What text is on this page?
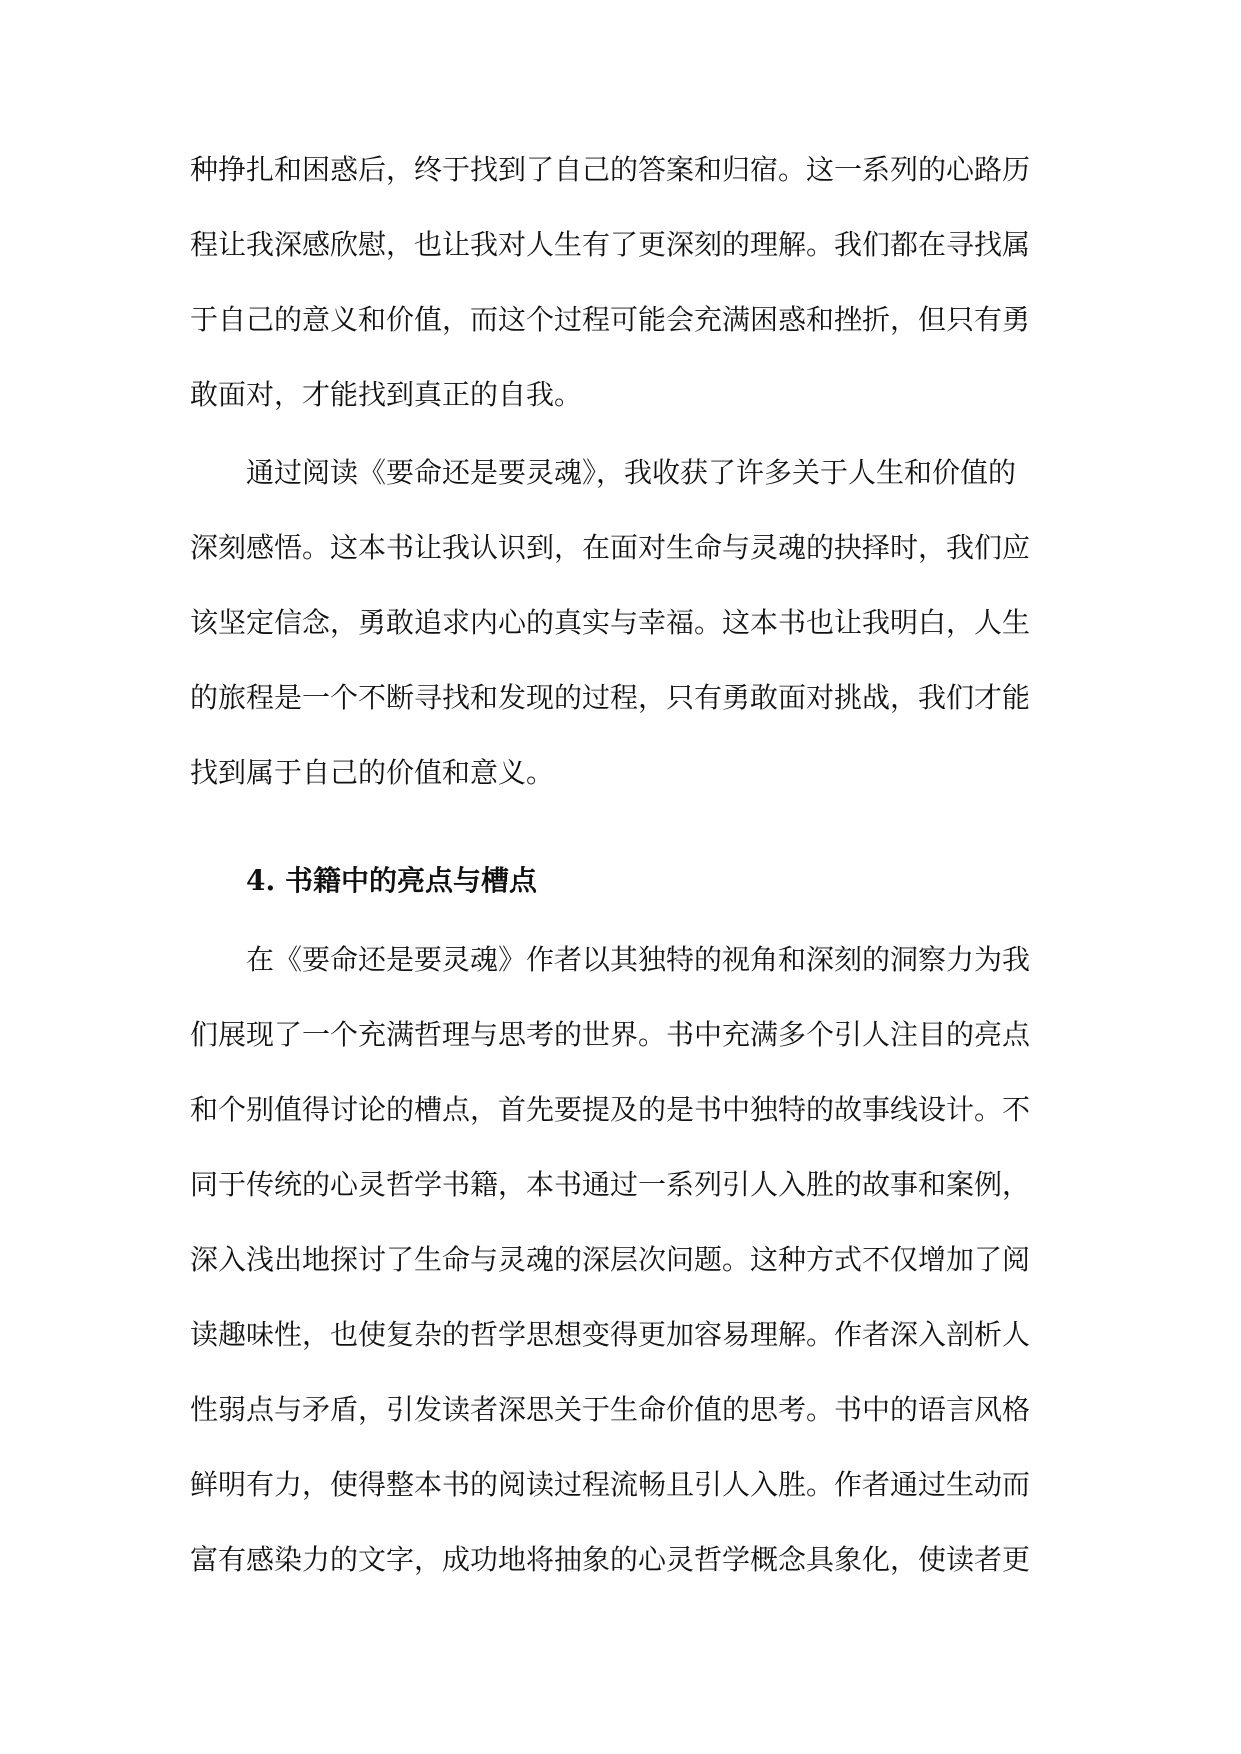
种挣扎和困惑后，终于找到了自己的答案和归宿。这一系列的心路历
程让我深感欣慰，也让我对人生有了更深刻的理解。我们都在寻找属
于自己的意义和价值，而这个过程可能会充满困惑和挫折，但只有勇
敢面对，才能找到真正的自我。
通过阅读《要命还是要灵魂》，我收获了许多关于人生和价值的
深刻感悟。这本书让我认识到，在面对生命与灵魂的抉择时，我们应
该坚定信念，勇敢追求内心的真实与幸福。这本书也让我明白，人生
的旅程是一个不断寻找和发现的过程，只有勇敢面对挑战，我们才能
找到属于自己的价值和意义。
4. 书籍中的亮点与槽点
在《要命还是要灵魂》作者以其独特的视角和深刻的洞察力为我
们展现了一个充满哲理与思考的世界。书中充满多个引人注目的亮点
和个别值得讨论的槽点，首先要提及的是书中独特的故事线设计。不
同于传统的心灵哲学书籍，本书通过一系列引人入胜的故事和案例，
深入浅出地探讨了生命与灵魂的深层次问题。这种方式不仅增加了阅
读趣味性，也使复杂的哲学思想变得更加容易理解。作者深入剖析人
性弱点与矛盾，引发读者深思关于生命价值的思考。书中的语言风格
鲜明有力，使得整本书的阅读过程流畅且引人入胜。作者通过生动而
富有感染力的文字，成功地将抽象的心灵哲学概念具象化，使读者更
